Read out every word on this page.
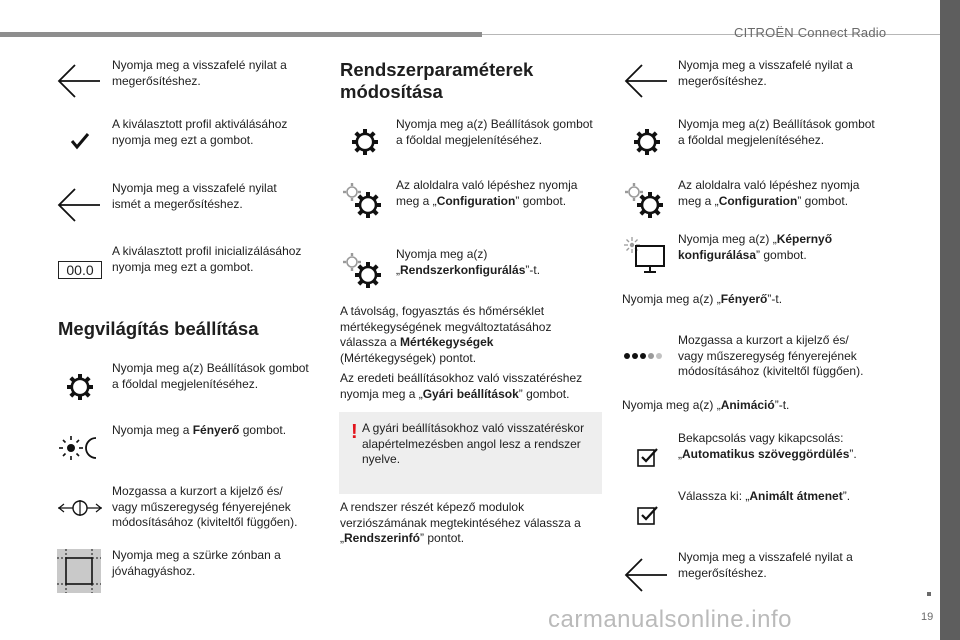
CITROËN Connect Radio
19
Nyomja meg a visszafelé nyilat a
megerősítéshez.
A kiválasztott profil aktiválásához
nyomja meg ezt a gombot.
Nyomja meg a visszafelé nyilat
ismét a megerősítéshez.
00.0
A kiválasztott profil inicializálásához
nyomja meg ezt a gombot.
Megvilágítás beállítása
Nyomja meg a(z) Beállítások gombot
a főoldal megjelenítéséhez.
Nyomja meg a Fényerő gombot.
Mozgassa a kurzort a kijelző és/
vagy műszeregység fényerejének
módosításához (kiviteltől függően).
Nyomja meg a szürke zónban a
jóváhagyáshoz.
Rendszerparaméterek
módosítása
Nyomja meg a(z) Beállítások gombot
a főoldal megjelenítéséhez.
Az aloldalra való lépéshez nyomja
meg a „Configuration” gombot.
Nyomja meg a(z)
„Rendszerkonfigurálás”-t.
A távolság, fogyasztás és hőmérséklet
mértékegységének megváltoztatásához
válassza a Mértékegységek
(Mértékegységek) pontot.
Az eredeti beállításokhoz való visszatéréshez
nyomja meg a „Gyári beállítások” gombot.
! A gyári beállításokhoz való visszatéréskor
alapértelmezésben angol lesz a rendszer
nyelve.
A rendszer részét képező modulok
verziószámának megtekintéséhez válassza a
„Rendszerinfó” pontot.
Nyomja meg a visszafelé nyilat a
megerősítéshez.
Nyomja meg a(z) Beállítások gombot
a főoldal megjelenítéséhez.
Az aloldalra való lépéshez nyomja
meg a „Configuration” gombot.
Nyomja meg a(z) „Képernyő
konfigurálása” gombot.
Nyomja meg a(z) „Fényerő”-t.
Mozgassa a kurzort a kijelző és/
vagy műszeregység fényerejének
módosításához (kiviteltől függően).
Nyomja meg a(z) „Animáció”-t.
Bekapcsolás vagy kikapcsolás:
„Automatikus szöveggördülés”.
Válassza ki: „Animált átmenet”.
Nyomja meg a visszafelé nyilat a
megerősítéshez.
carmanualsonline.info
